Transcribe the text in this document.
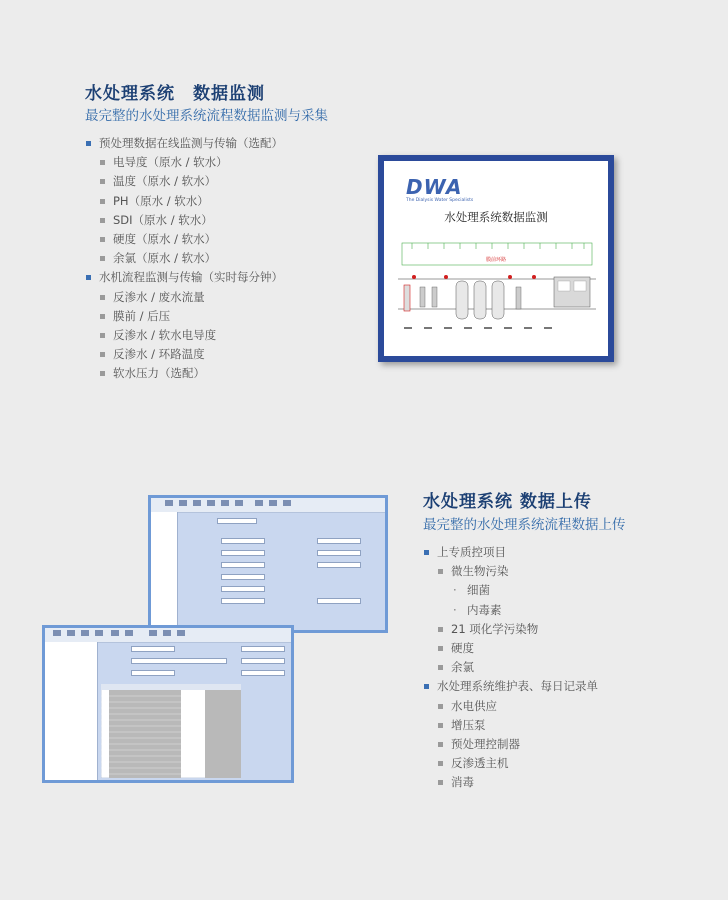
水处理系统　数据监测
最完整的水处理系统流程数据监测与采集
预处理数据在线监测与传输（选配）
电导度（原水 / 软水）
温度（原水 / 软水）
PH（原水 / 软水）
SDI（原水 / 软水）
硬度（原水 / 软水）
余氯（原水 / 软水）
水机流程监测与传输（实时每分钟）
反渗水 / 废水流量
膜前 / 后压
反渗水 / 软水电导度
反渗水 / 环路温度
软水压力（选配）
DWA
The Dialysis Water Specialists
水处理系统数据监测
膜前环路
水处理系统 数据上传
最完整的水处理系统流程数据上传
上专质控项目
微生物污染
· 细菌
· 内毒素
21 项化学污染物
硬度
余氯
水处理系统维护表、每日记录单
水电供应
增压泵
预处理控制器
反渗透主机
消毒
